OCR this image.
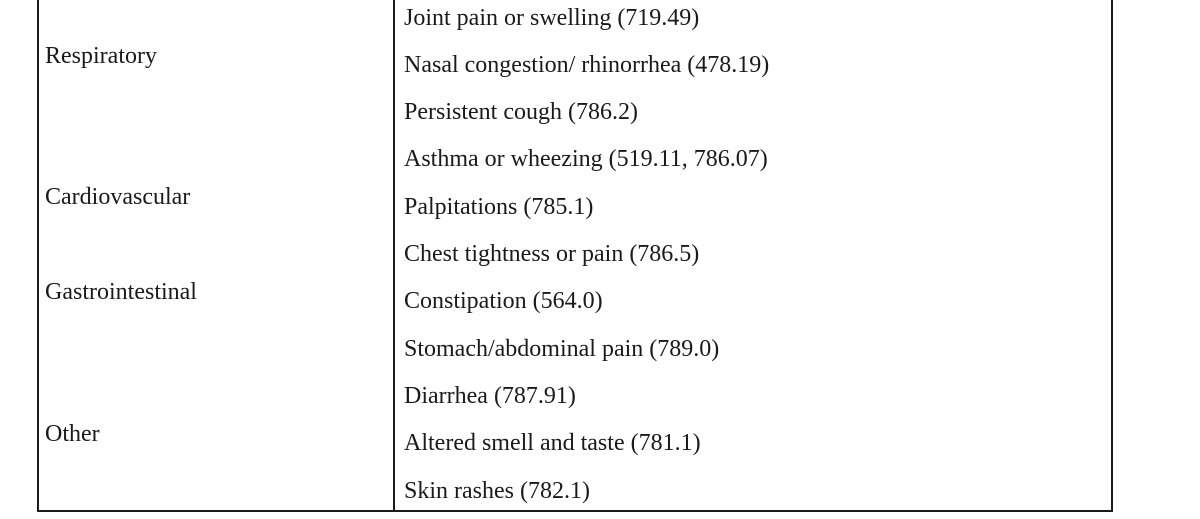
Respiratory
Cardiovascular
Gastrointestinal
Other
Joint pain or swelling (719.49)
Nasal congestion/ rhinorrhea (478.19)
Persistent cough (786.2)
Asthma or wheezing (519.11, 786.07)
Palpitations (785.1)
Chest tightness or pain (786.5)
Constipation (564.0)
Stomach/abdominal pain (789.0)
Diarrhea (787.91)
Altered smell and taste (781.1)
Skin rashes (782.1)
